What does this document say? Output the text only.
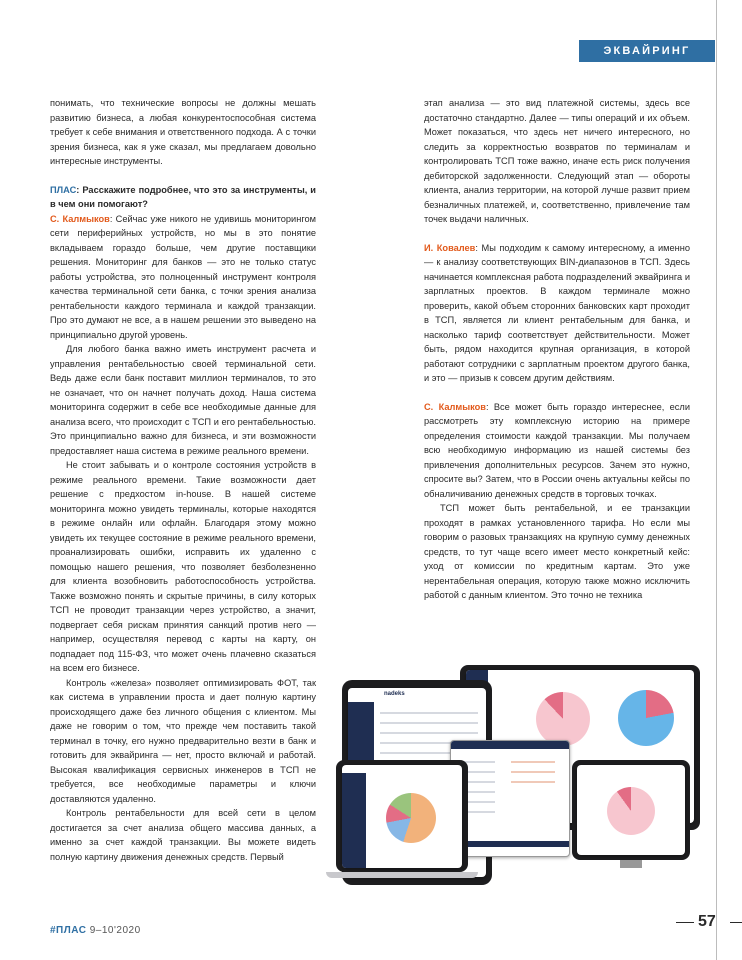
ЭКВАЙРИНГ

понимать, что технические вопросы не должны мешать развитию бизнеса, а любая конкурентоспособная система требует к себе внимания и ответственного подхода. А с точки зрения бизнеса, как я уже сказал, мы предлагаем довольно интересные инструменты.

ПЛАС: Расскажите подробнее, что это за инструменты, и в чем они помогают?

С. Калмыков: Сейчас уже никого не удивишь мониторингом сети периферийных устройств, но мы в это понятие вкладываем гораздо больше, чем другие поставщики решения. Мониторинг для банков — это не только статус работы устройства, это полноценный инструмент контроля качества терминальной сети банка, с точки зрения анализа рентабельности каждого терминала и каждой транзакции. Про это думают не все, а в нашем решении это выведено на принципиально другой уровень.

Для любого банка важно иметь инструмент расчета и управления рентабельностью своей терминальной сети. Ведь даже если банк поставит миллион терминалов, то это не означает, что он начнет получать доход. Наша система мониторинга содержит в себе все необходимые данные для анализа всего, что происходит с ТСП и его рентабельностью. Это принципиально важно для бизнеса, и эти возможности предоставляет наша система в режиме реального времени.

Не стоит забывать и о контроле состояния устройств в режиме реального времени. Такие возможности дает решение с предхостом in-house. В нашей системе мониторинга можно увидеть терминалы, которые находятся в режиме онлайн или офлайн. Благодаря этому можно увидеть их текущее состояние в режиме реального времени, проанализировать ошибки, исправить их удаленно с помощью нашего решения, что позволяет безболезненно для клиента возобновить работоспособность устройства. Также возможно понять и скрытые причины, в силу которых ТСП не проводит транзакции через устройство, а значит, подвергает себя рискам принятия санкций против него — например, осуществляя перевод с карты на карту, он подпадает под 115-ФЗ, что может очень плачевно сказаться на всем его бизнесе.

Контроль «железа» позволяет оптимизировать ФОТ, так как система в управлении проста и дает полную картину происходящего даже без личного общения с клиентом. Мы даже не говорим о том, что прежде чем поставить такой терминал в точку, его нужно предварительно везти в банк и готовить для эквайринга — нет, просто включай и работай. Высокая квалификация сервисных инженеров в ТСП не требуется, все необходимые параметры и ключи доставляются удаленно.

Контроль рентабельности для всей сети в целом достигается за счет анализа общего массива данных, а именно за счет каждой транзакции. Вы можете видеть полную картину движения денежных средств. Первый

этап анализа — это вид платежной системы, здесь все достаточно стандартно. Далее — типы операций и их объем. Может показаться, что здесь нет ничего интересного, но следить за корректностью возвратов по терминалам и контролировать ТСП тоже важно, иначе есть риск получения дебиторской задолженности. Следующий этап — обороты клиента, анализ территории, на которой лучше развит прием безналичных платежей, и, соответственно, привлечение там точек выдачи наличных.

И. Ковалев: Мы подходим к самому интересному, а именно — к анализу соответствующих BIN-диапазонов в ТСП. Здесь начинается комплексная работа подразделений эквайринга и зарплатных проектов. В каждом терминале можно проверить, какой объем сторонних банковских карт проходит в ТСП, является ли клиент рентабельным для банка, и насколько тариф соответствует действительности. Может быть, рядом находится крупная организация, в которой работают сотрудники с зарплатным проектом другого банка, и это — призыв к совсем другим действиям.

С. Калмыков: Все может быть гораздо интереснее, если рассмотреть эту комплексную историю на примере определения стоимости каждой транзакции. Мы получаем всю необходимую информацию из нашей системы без привлечения дополнительных ресурсов. Зачем это нужно, спросите вы? Затем, что в России очень актуальны кейсы по обналичиванию денежных средств в торговых точках.

ТСП может быть рентабельной, и ее транзакции проходят в рамках установленного тарифа. Но если мы говорим о разовых транзакциях на крупную сумму денежных средств, то тут чаще всего имеет место конкретный кейс: уход от комиссии по кредитным картам. Это уже нерентабельная операция, которую также можно исключить работой с данным клиентом. Это точно не техника

nadeks
#ПЛАС 9–10'2020
57
